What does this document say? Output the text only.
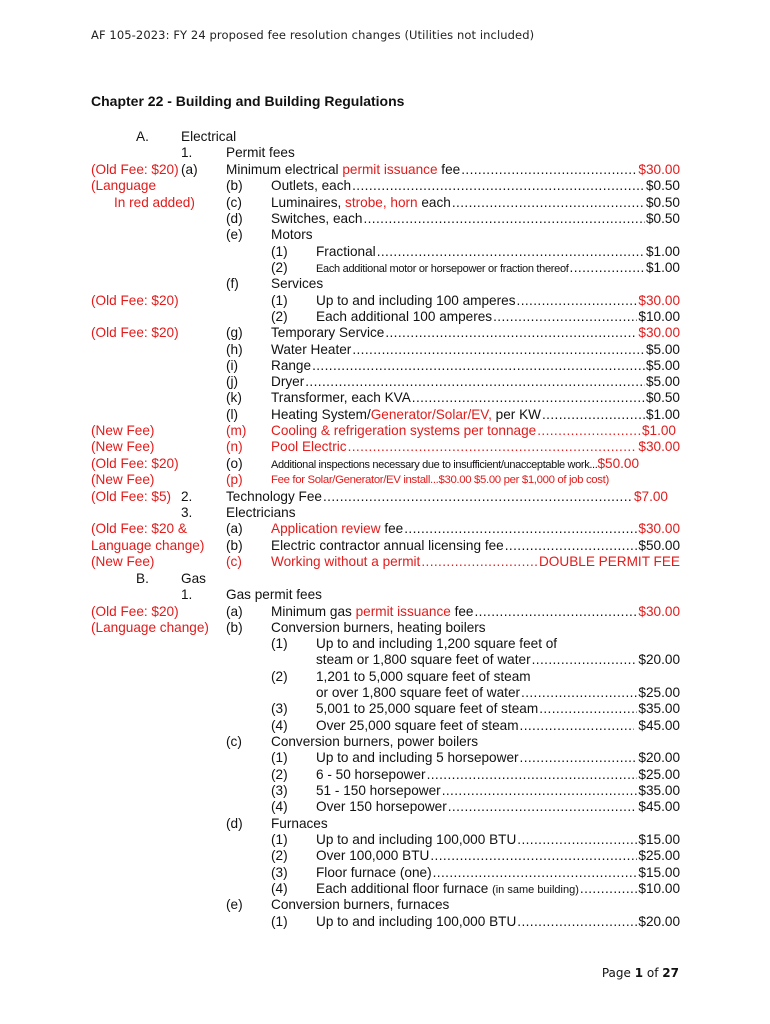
AF 105-2023: FY 24 proposed fee resolution changes (Utilities not included)
Chapter 22 - Building and Building Regulations
A. Electrical
1. Permit fees
(Old Fee: $20) (a) Minimum electrical permit issuance fee .....	$30.00
(Language	(b) Outlets, each .....	$0.50
In red added) (c) Luminaires, strobe, horn each .....	$0.50
(d) Switches, each .....	$0.50
(e) Motors
(1) Fractional .....	$1.00
(2)	Each additional motor or horsepower or fraction thereof .....	$1.00
(f) Services
(Old Fee: $20)	(1) Up to and including 100 amperes .....	$30.00
(2) Each additional 100 amperes .....	$10.00
(Old Fee: $20)	(g) Temporary Service .....	$30.00
(h) Water Heater .....	$5.00
(i) Range .....	$5.00
(j) Dryer .....	$5.00
(k) Transformer, each KVA .....	$0.50
(l) Heating System/Generator/Solar/EV, per KW .....	$1.00
(New Fee)	(m) Cooling & refrigeration systems per tonnage .....	$1.00
(New Fee)	(n) Pool Electric .....	$30.00
(Old Fee: $20)	(o)	Additional inspections necessary due to insufficient/unacceptable work... $50.00
(New Fee)	(p) Fee for Solar/Generator/EV install...$30.00 $5.00 per $1,000 of job cost)
(Old Fee: $5) 2. Technology Fee .....	$7.00
3. Electricians
(Old Fee: $20 &	(a) Application review fee .....	$30.00
Language change) (b) Electric contractor annual licensing fee .....	$50.00
(New Fee)	(c) Working without a permit .....	DOUBLE PERMIT FEE
B. Gas
1. Gas permit fees
(Old Fee: $20)	(a) Minimum gas permit issuance fee .....	$30.00
(Language change) (b) Conversion burners, heating boilers
(1) Up to and including 1,200 square feet of
steam or 1,800 square feet of water .....	$20.00
(2) 1,201 to 5,000 square feet of steam
or over 1,800 square feet of water .....	$25.00
(3) 5,001 to 25,000 square feet of steam .....	$35.00
(4) Over 25,000 square feet of steam .....	$45.00
(c) Conversion burners, power boilers
(1) Up to and including 5 horsepower .....	$20.00
(2) 6 - 50 horsepower .....	$25.00
(3) 51 - 150 horsepower .....	$35.00
(4) Over 150 horsepower .....	$45.00
(d) Furnaces
(1) Up to and including 100,000 BTU .....	$15.00
(2) Over 100,000 BTU .....	$25.00
(3) Floor furnace (one) .....	$15.00
(4) Each additional floor furnace (in same building) .....	$10.00
(e) Conversion burners, furnaces
(1) Up to and including 100,000 BTU .....	$20.00
Page 1 of 27
